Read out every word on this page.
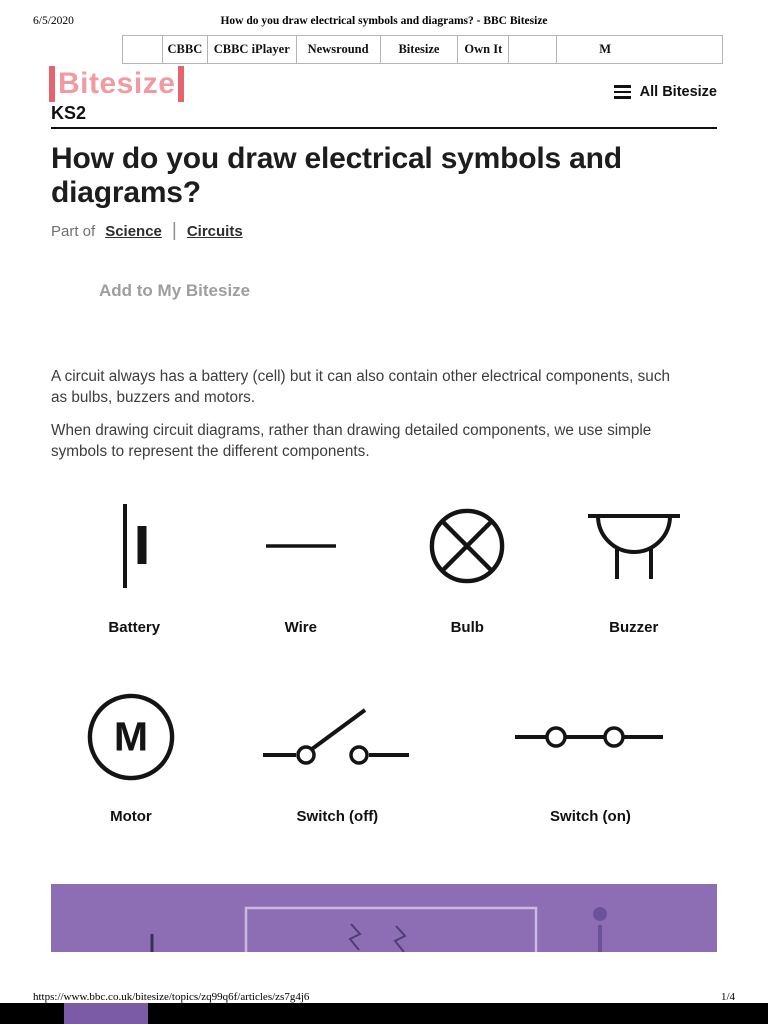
6/5/2020	How do you draw electrical symbols and diagrams? - BBC Bitesize
CBBC CBBC iPlayer	Newsround	Bitesize	Own It	M
Bitesize	All Bitesize
KS2
How do you draw electrical symbols and
diagrams?
Part of Science | Circuits
Add to My Bitesize

A circuit always has a battery (cell) but it can also contain other electrical components, such
as bulbs, buzzers and motors.

When drawing circuit diagrams, rather than drawing detailed components, we use simple
symbols to represent the different components.

Battery	Wire	Bulb	Buzzer
M
Motor	Switch (off)	Switch (on)
https://www.bbc.co.uk/bitesize/topics/zq99q6f/articles/zs7g4j6	1/4
